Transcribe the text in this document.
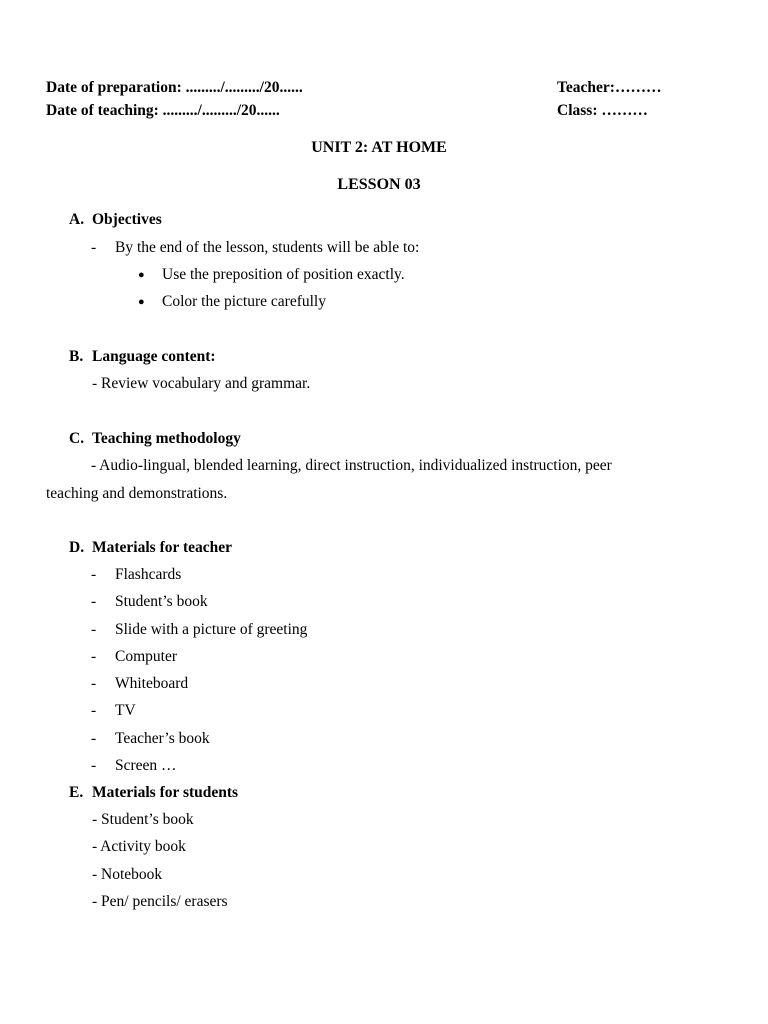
Date of preparation: ........./........./20......	Teacher:………
Date of teaching: ........./........./20......	Class: ………
UNIT 2: AT HOME
LESSON 03
A. Objectives
- By the end of the lesson, students will be able to:
● Use the preposition of position exactly.
● Color the picture carefully
B. Language content:
- Review vocabulary and grammar.
C. Teaching methodology
- Audio-lingual, blended learning, direct instruction, individualized instruction, peer
teaching and demonstrations.
D. Materials for teacher
- Flashcards
- Student’s book
- Slide with a picture of greeting
- Computer
- Whiteboard
- TV
- Teacher’s book
- Screen …
E. Materials for students
- Student’s book
- Activity book
- Notebook
- Pen/ pencils/ erasers
